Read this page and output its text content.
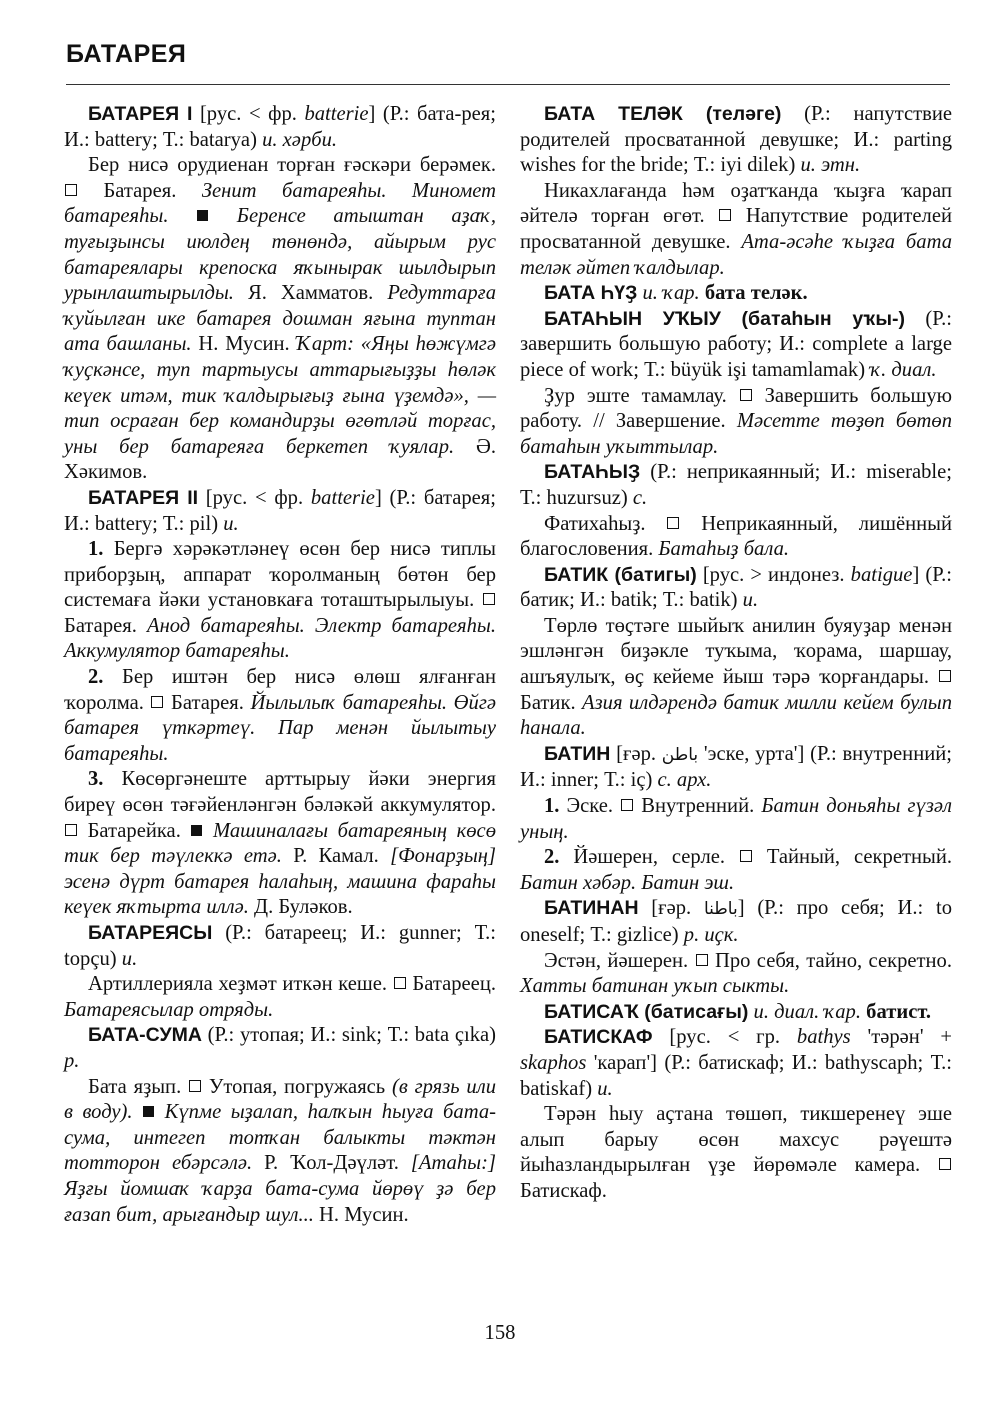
БАТАРЕЯ

БАТАРЕЯ I [рус. < фр. batterie] (Р.: бата-рея; И.: battery; Т.: batarya) и. хәрби.

Бер нисә орудиенан торған ғәскәри берәмек.  Батарея. Зенит батареяһы. Миномет батареяһы.  Беренсе атыштан аҙаҡ, туғыҙынсы июлдең төнөндә, айырым рус батареялары крепоска яҡынырак шылдырып урынлаштырылды. Я. Хамматов. Редуттарға ҡуйылған ике батарея дошман яғына туптан ата башланы. Н. Мусин. Ҡарт: «Яңы һөжүмгә ҡуҫкәнсе, туп тартыусы аттарығыҙҙы һөләк кеүек итәм, тик ҡалдырығыҙ ғына үҙемдә», — тип осраған бер командирҙы өгөтләй торғас, уны бер батареяға беркетеп ҡуялар. Ә. Хәкимов.

БАТАРЕЯ II [рус. < фр. batterie] (Р.: батарея; И.: battery; Т.: pil) и.

1. Бергә хәрәкәтләнеү өсөн бер нисә типлы приборҙың, аппарат ҡоролманың бөтөн бер системаға йәки установкаға тоташтырылыуы.  Батарея. Анод батареяһы. Электр батареяһы. Аккумулятор батареяһы.

2. Бер иштән бер нисә өлөш ялғанған ҡоролма.  Батарея. Йылылыҡ батареяһы. Өйгә батарея үткәртеү. Пар менән йылытыу батареяһы.

3. Көсөргәнеште арттырыу йәки энергия биреү өсөн тәғәйенләнгән бәләкәй аккумулятор.  Батарейка.  Машиналағы батареяның көсө тик бер тәүлеккә етә. Р. Камал. [Фонарҙың] эсенә дүрт батарея һалаһың, машина фараһы кеүек яҡтырта иллә. Д. Буләков.

БАТАРЕЯСЫ (Р.: батареец; И.: gunner; Т.: topçu) и.

Артиллерияла хеҙмәт иткән кеше.  Батареец. Батареясылар отряды.

БАТА-СУМА (Р.: утопая; И.: sink; Т.: bata çıka) р.

Бата яҙып.  Утопая, погружаясь (в грязь или в воду).  Күпме ыҙалап, һалҡын һыуға бата-сума, интегеп тотҡан балыкты тәктән тотторон ебәрсәлә. Р. Ҡол-Дәүләт. [Атаһы:] Яҙғы йомшаҡ ҡарҙа бата-сума йөрөү ҙә бер ғазап бит, арығандыр шул... Н. Мусин.

БАТА ТЕЛӘК (теләге) (Р.: напутствие родителей просватанной девушке; И.: parting wishes for the bride; Т.: iyi dilek) и. этн.

Никахлағанда һәм оҙатҡанда ҡыҙға ҡарап әйтелә торған өгөт.  Напутствие родителей просватанной девушке. Ата-әсәһе ҡыҙға бата теләк әйтеп ҡалдылар.

БАТА ҺҮҘ и. ҡар. бата теләк.

БАТАҺЫН УҠЫУ (батаһын уҡы-) (Р.: завершить большую работу; И.: complete a large piece of work; Т.: büyük işi tamamlamak) ҡ. диал.

Ҙур эште тамамлау.  Завершить большую работу. // Завершение. Мәсетте төҙөп бөтөп батаһын уҡыттылар.

БАТАҺЫҘ (Р.: неприкаянный; И.: miserable; Т.: huzursuz) с.

Фатихаһыҙ.  Неприкаянный, лишённый благословения. Батаһыҙ бала.

БАТИК (батигы) [рус. > индонез. batigue] (Р.: батик; И.: batik; Т.: batik) и.

Төрлө төҫтәге шыйыҡ анилин буяуҙар менән эшләнгән биҙәкле туҡыма, ҡорама, шаршау, ашъяулыҡ, өҫ кейеме йыш тәрә ҡорғандары.  Батик. Азия илдәрендә батик милли кейем булып һанала.

БАТИН [ғәр. باطن 'эске, урта'] (Р.: внутренний; И.: inner; Т.: iç) с. арх.

1. Эске.  Внутренний. Батин доньяһы гүзәл уның.

2. Йәшерен, серле.  Тайный, секретный. Батин хәбәр. Батин эш.

БАТИНАН [ғәр. باطنا] (Р.: про себя; И.: to oneself; Т.: gizlice) р. иҫк.

Эстән, йәшерен.  Про себя, тайно, секретно. Хатты батинан уҡып сыкты.

БАТИСАҠ (батисағы) и. диал. ҡар. батист.

БАТИСКАФ [рус. < гр. bathys 'тәрән' + skaphos 'карап'] (Р.: батискаф; И.: bathyscaph; Т.: batiskaf) и.

Тәрән һыу аҫтана төшөп, тикшеренеү эше алып барыу өсөн махсус рәүештә йыһазландырылған үҙе йөрөмәле камера.  Батискаф.

158
